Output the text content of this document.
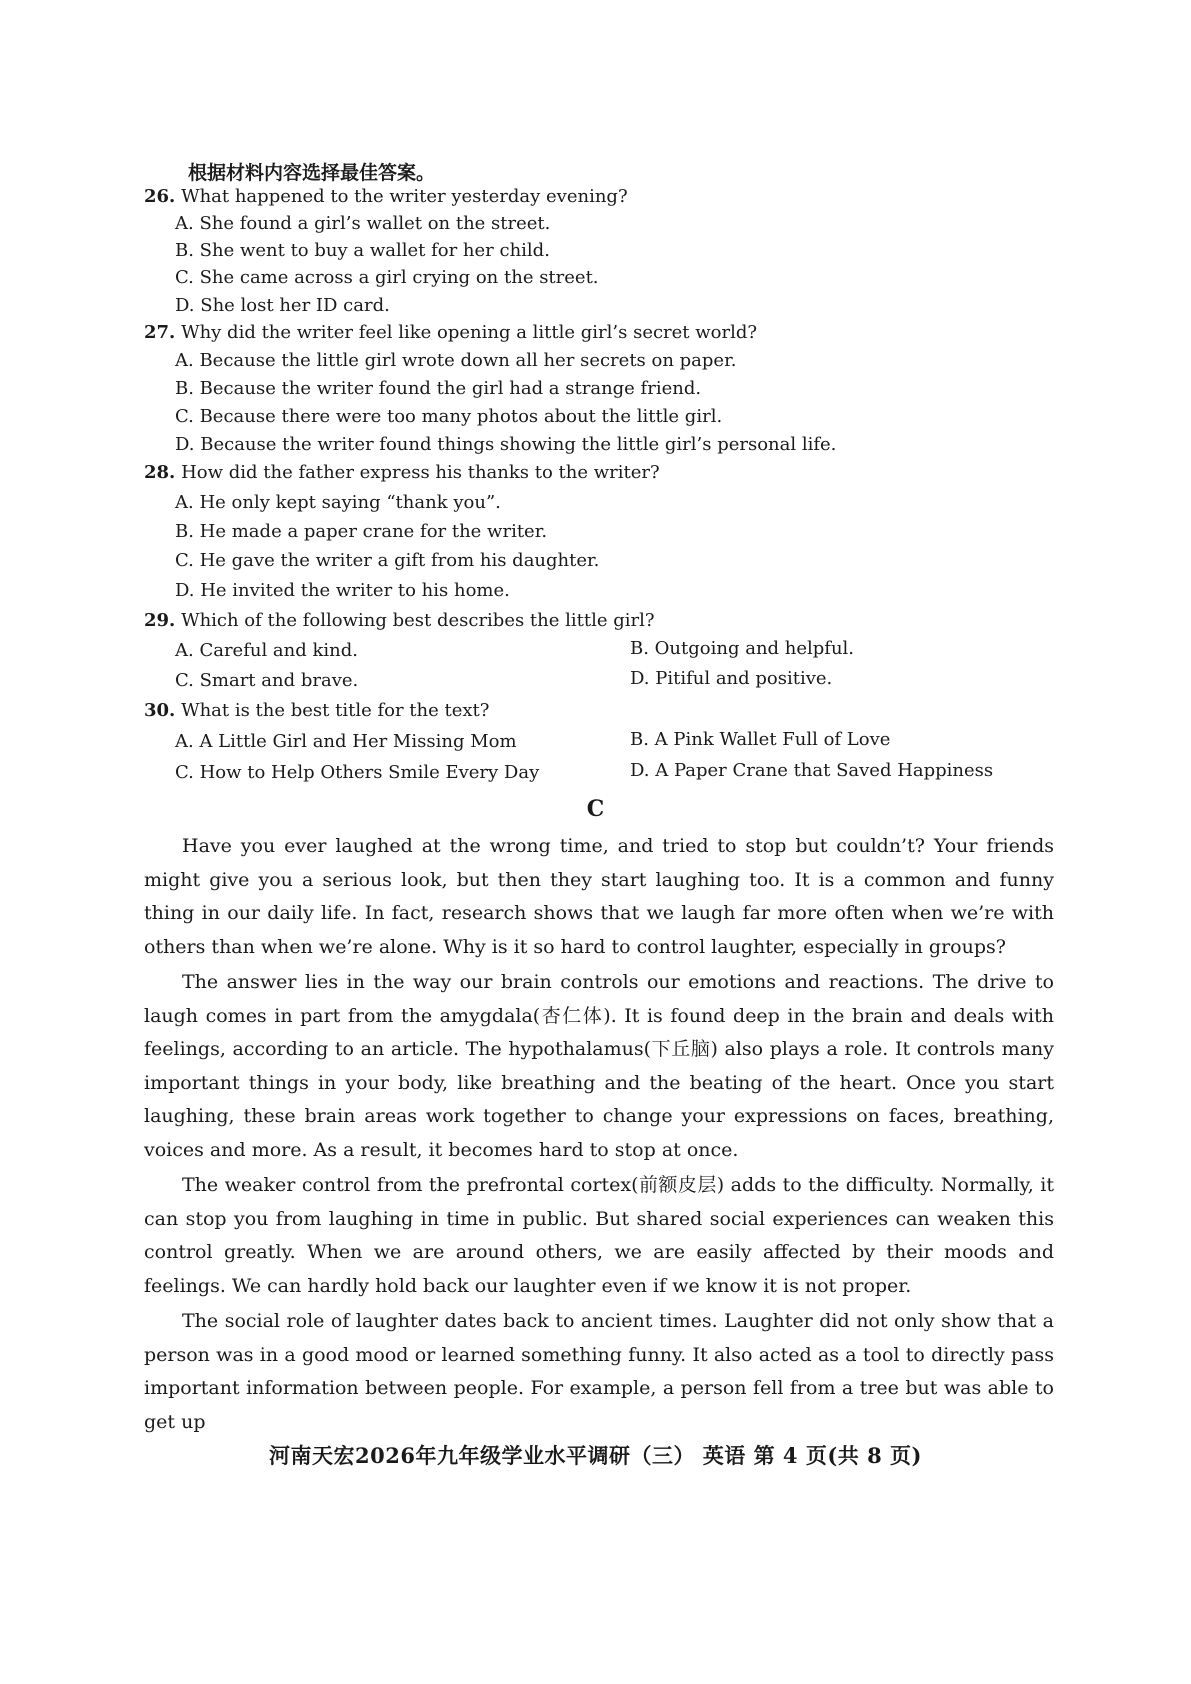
根据材料内容选择最佳答案。
26. What happened to the writer yesterday evening?
A. She found a girl’s wallet on the street.
B. She went to buy a wallet for her child.
C. She came across a girl crying on the street.
D. She lost her ID card.
27. Why did the writer feel like opening a little girl’s secret world?
A. Because the little girl wrote down all her secrets on paper.
B. Because the writer found the girl had a strange friend.
C. Because there were too many photos about the little girl.
D. Because the writer found things showing the little girl’s personal life.
28. How did the father express his thanks to the writer?
A. He only kept saying “thank you”.
B. He made a paper crane for the writer.
C. He gave the writer a gift from his daughter.
D. He invited the writer to his home.
29. Which of the following best describes the little girl?
A. Careful and kind.	B. Outgoing and helpful.
C. Smart and brave.	D. Pitiful and positive.
30. What is the best title for the text?
A. A Little Girl and Her Missing Mom	B. A Pink Wallet Full of Love
C. How to Help Others Smile Every Day	D. A Paper Crane that Saved Happiness
C

Have you ever laughed at the wrong time, and tried to stop but couldn’t? Your friends might give you a serious look, but then they start laughing too. It is a common and funny thing in our daily life. In fact, research shows that we laugh far more often when we’re with others than when we’re alone. Why is it so hard to control laughter, especially in groups?

The answer lies in the way our brain controls our emotions and reactions. The drive to laugh comes in part from the amygdala(杏仁体). It is found deep in the brain and deals with feelings, according to an article. The hypothalamus(下丘脑) also plays a role. It controls many important things in your body, like breathing and the beating of the heart. Once you start laughing, these brain areas work together to change your expressions on faces, breathing, voices and more. As a result, it becomes hard to stop at once.

The weaker control from the prefrontal cortex(前额皮层) adds to the difficulty. Normally, it can stop you from laughing in time in public. But shared social experiences can weaken this control greatly. When we are around others, we are easily affected by their moods and feelings. We can hardly hold back our laughter even if we know it is not proper.

The social role of laughter dates back to ancient times. Laughter did not only show that a person was in a good mood or learned something funny. It also acted as a tool to directly pass important information between people. For example, a person fell from a tree but was able to get up

河南天宏2026年九年级学业水平调研（三） 英语 第 4 页(共 8 页)
